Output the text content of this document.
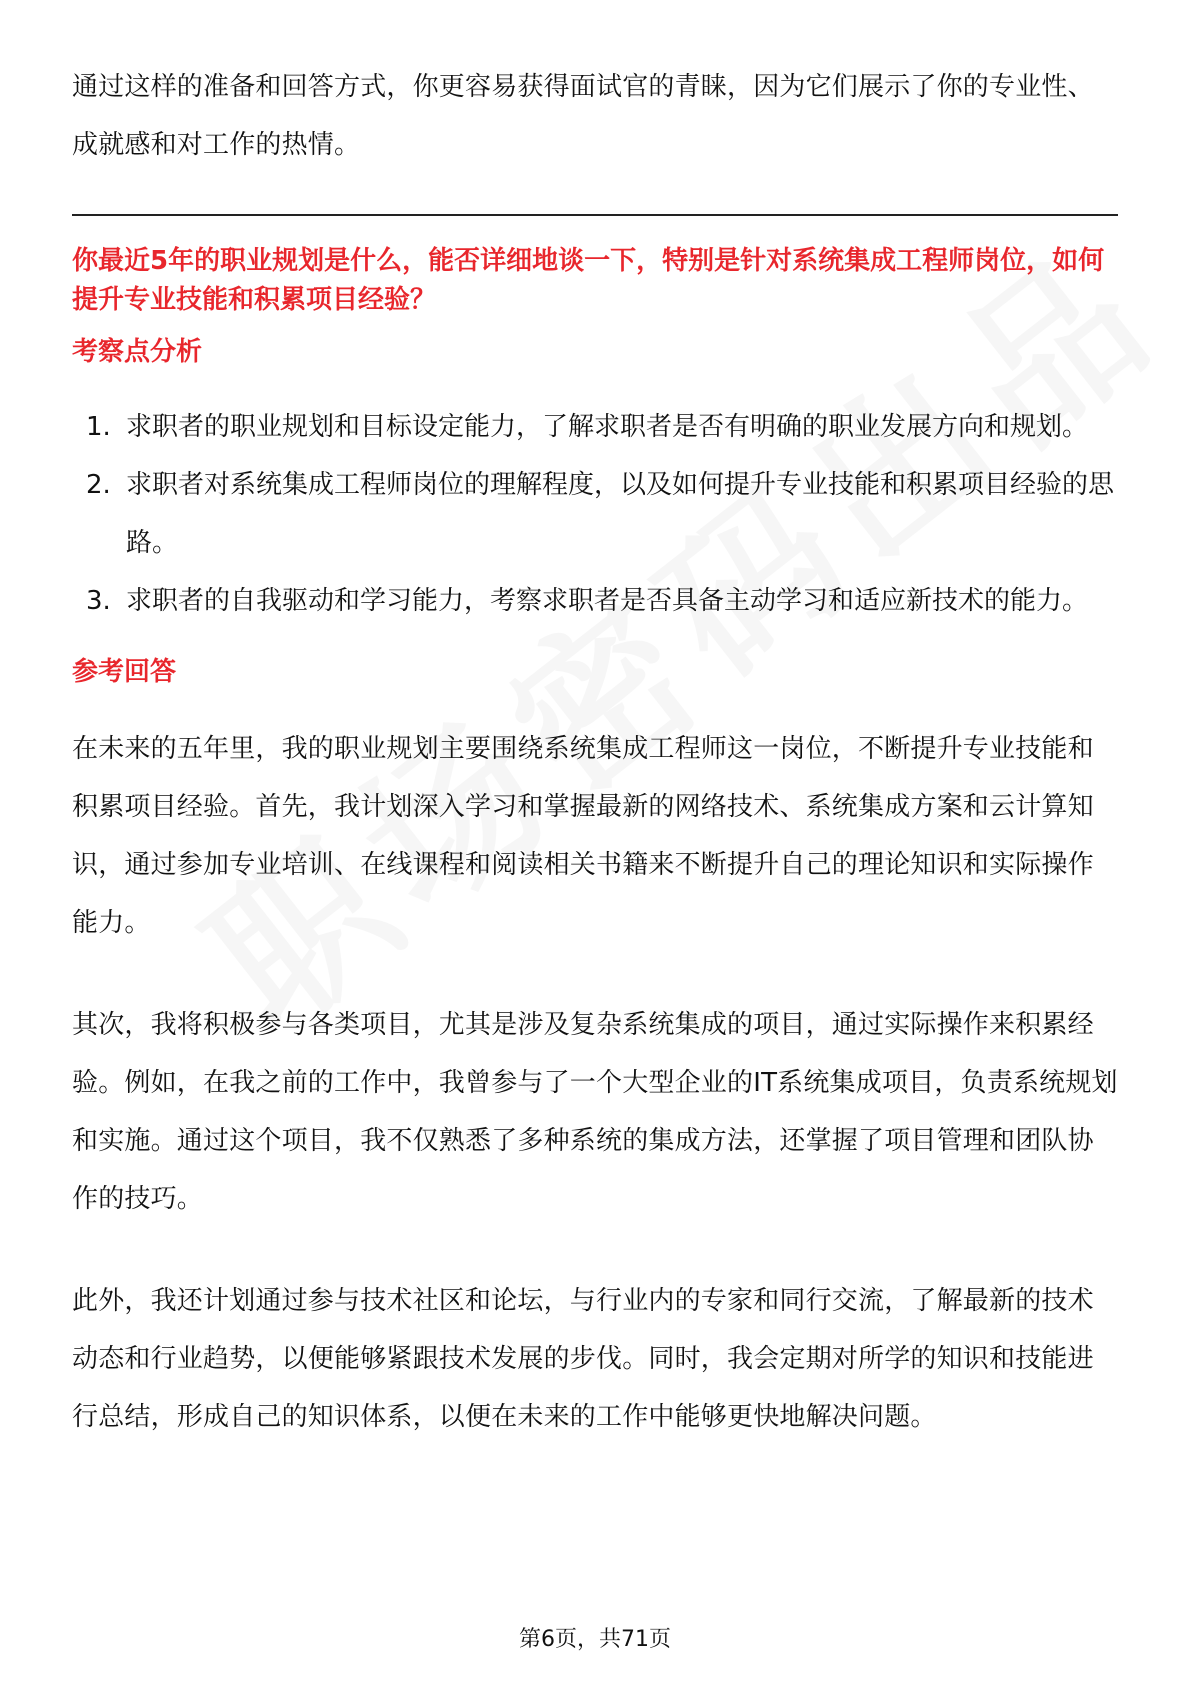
通过这样的准备和回答方式，你更容易获得面试官的青睐，因为它们展示了你的专业性、成就感和对工作的热情。

你最近5年的职业规划是什么，能否详细地谈一下，特别是针对系统集成工程师岗位，如何提升专业技能和积累项目经验？
考察点分析
1. 求职者的职业规划和目标设定能力，了解求职者是否有明确的职业发展方向和规划。
2. 求职者对系统集成工程师岗位的理解程度，以及如何提升专业技能和积累项目经验的思路。
3. 求职者的自我驱动和学习能力，考察求职者是否具备主动学习和适应新技术的能力。
参考回答

在未来的五年里，我的职业规划主要围绕系统集成工程师这一岗位，不断提升专业技能和积累项目经验。首先，我计划深入学习和掌握最新的网络技术、系统集成方案和云计算知识，通过参加专业培训、在线课程和阅读相关书籍来不断提升自己的理论知识和实际操作能力。

其次，我将积极参与各类项目，尤其是涉及复杂系统集成的项目，通过实际操作来积累经验。例如，在我之前的工作中，我曾参与了一个大型企业的IT系统集成项目，负责系统规划和实施。通过这个项目，我不仅熟悉了多种系统的集成方法，还掌握了项目管理和团队协作的技巧。

此外，我还计划通过参与技术社区和论坛，与行业内的专家和同行交流，了解最新的技术动态和行业趋势，以便能够紧跟技术发展的步伐。同时，我会定期对所学的知识和技能进行总结，形成自己的知识体系，以便在未来的工作中能够更快地解决问题。

第6页，共71页
